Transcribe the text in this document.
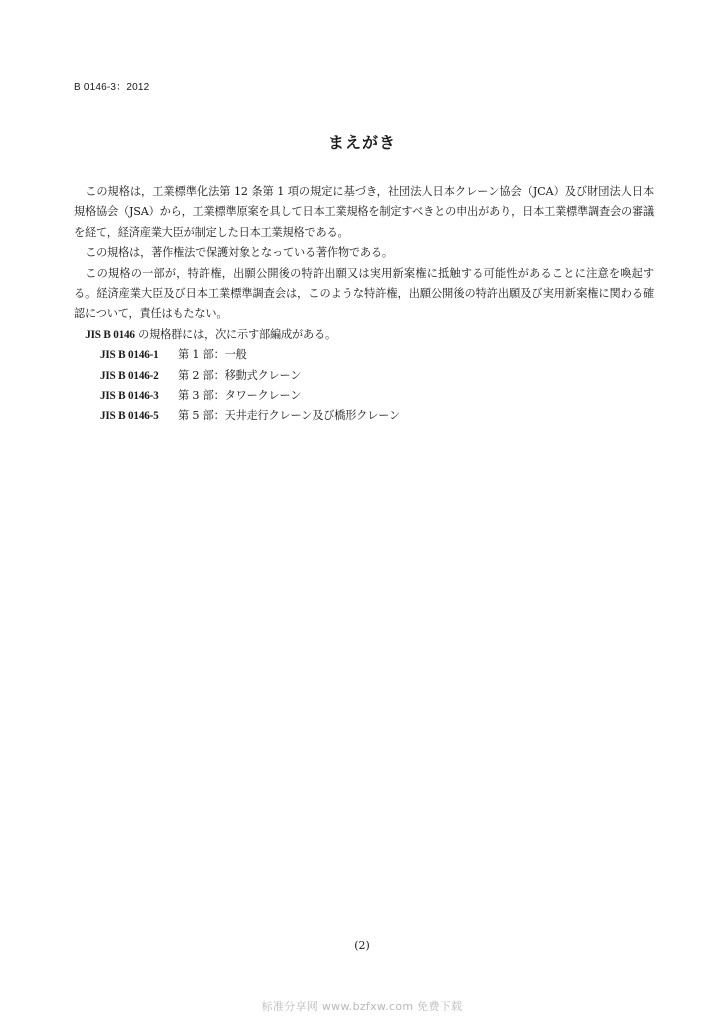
B 0146-3：2012
まえがき

この規格は，工業標準化法第 12 条第 1 項の規定に基づき，社団法人日本クレーン協会（JCA）及び財団法人日本規格協会（JSA）から，工業標準原案を具して日本工業規格を制定すべきとの申出があり，日本工業標準調査会の審議を経て，経済産業大臣が制定した日本工業規格である。

この規格は，著作権法で保護対象となっている著作物である。

この規格の一部が，特許権，出願公開後の特許出願又は実用新案権に抵触する可能性があることに注意を喚起する。経済産業大臣及び日本工業標準調査会は，このような特許権，出願公開後の特許出願及び実用新案権に関わる確認について，責任はもたない。

JIS B 0146 の規格群には，次に示す部編成がある。

JIS B 0146-1 第 1 部：一般
JIS B 0146-2 第 2 部：移動式クレーン
JIS B 0146-3 第 3 部：タワークレーン
JIS B 0146-5 第 5 部：天井走行クレーン及び橋形クレーン
(2)
标准分享网 www.bzfxw.com 免费下载
